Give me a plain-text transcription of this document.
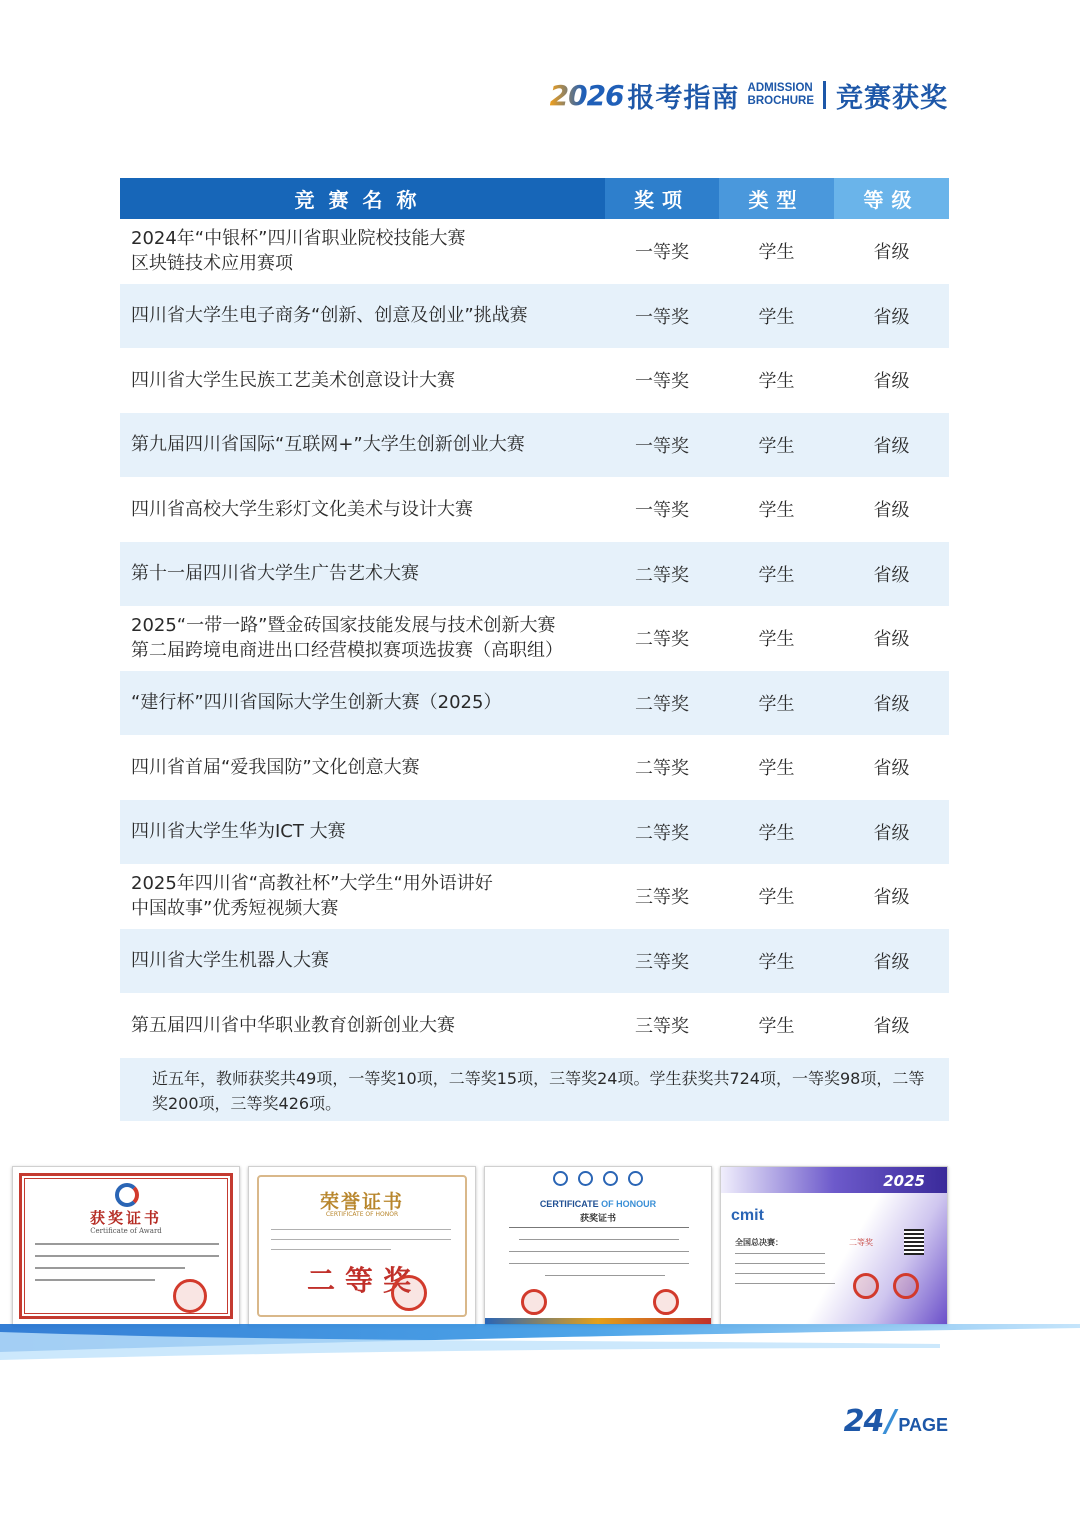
2026 报考指南 ADMISSION
BROCHURE 竞赛获奖
竞赛名称	奖项	类型	等级
2024年“中银杯”四川省职业院校技能大赛
区块链技术应用赛项
一等奖	学生	省级
四川省大学生电子商务“创新、创意及创业”挑战赛	一等奖	学生	省级
四川省大学生民族工艺美术创意设计大赛	一等奖	学生	省级
第九届四川省国际“互联网+”大学生创新创业大赛	一等奖	学生	省级
四川省高校大学生彩灯文化美术与设计大赛	一等奖	学生	省级
第十一届四川省大学生广告艺术大赛	二等奖	学生	省级
2025“一带一路”暨金砖国家技能发展与技术创新大赛
第二届跨境电商进出口经营模拟赛项选拔赛（高职组）
二等奖	学生	省级
“建行杯”四川省国际大学生创新大赛（2025）	二等奖	学生	省级
四川省首届“爱我国防”文化创意大赛	二等奖	学生	省级
四川省大学生华为ICT 大赛	二等奖	学生	省级
2025年四川省“高教社杯”大学生“用外语讲好
中国故事”优秀短视频大赛
三等奖	学生	省级
四川省大学生机器人大赛	三等奖	学生	省级
第五届四川省中华职业教育创新创业大赛	三等奖	学生	省级
近五年，教师获奖共49项，一等奖10项，二等奖15项，三等奖24项。学生获奖共724项，一等奖98项，二等奖200项，三等奖426项。
获奖证书
Certificate of Award
荣誉证书
CERTIFICATE OF HONOR
二等奖
CERTIFICATE OF HONOUR
获奖证书
2025
cmit
全国总决赛：	二等奖
24 / PAGE
